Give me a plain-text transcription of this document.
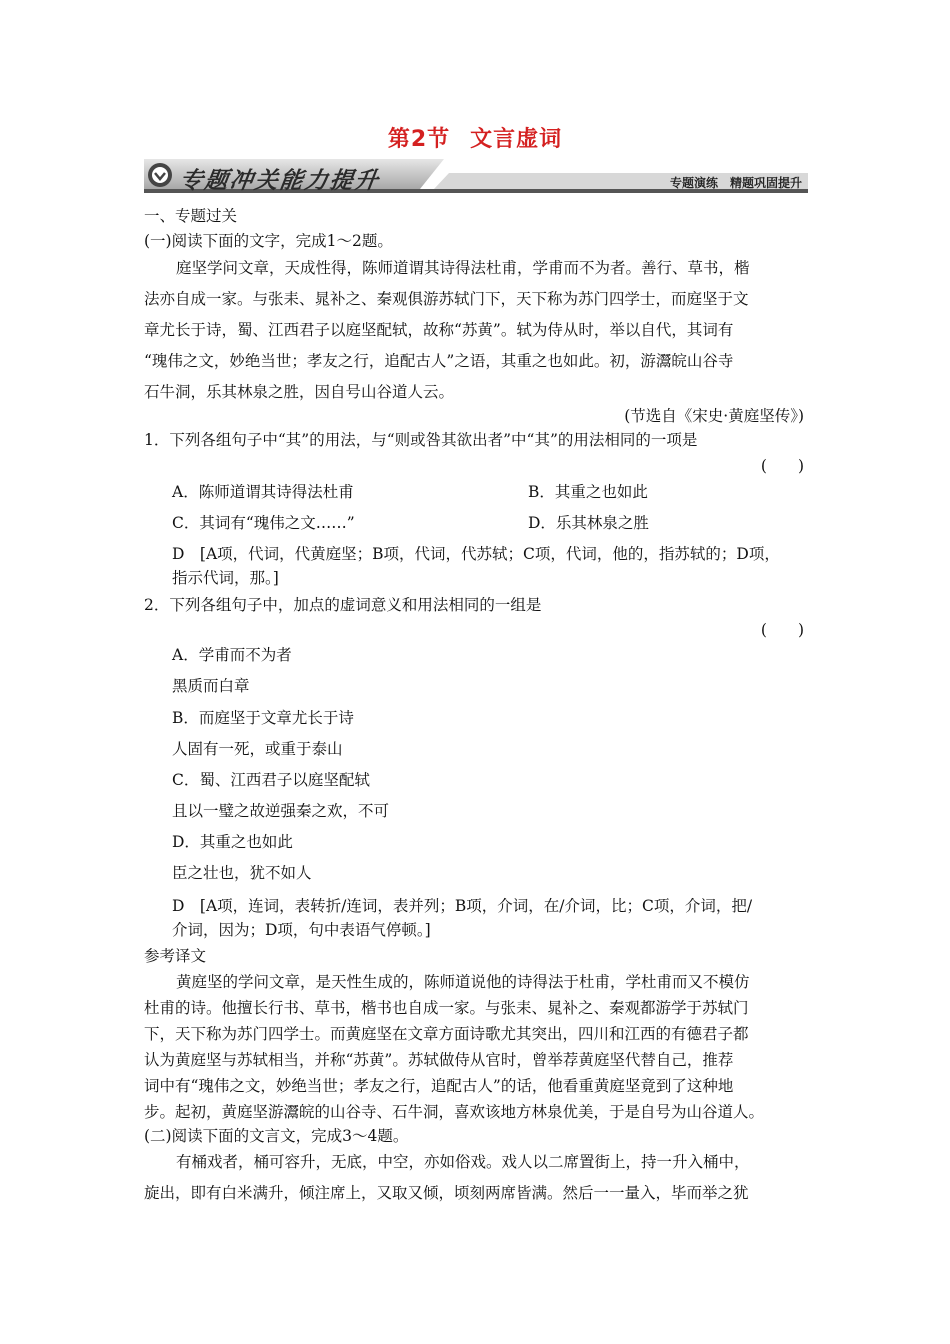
第2节 文言虚词
专题冲关能力提升	专题演练　精题巩固提升
一、专题过关
(一)阅读下面的文字，完成1～2题。
庭坚学问文章，天成性得，陈师道谓其诗得法杜甫，学甫而不为者。善行、草书，楷
法亦自成一家。与张耒、晁补之、秦观俱游苏轼门下，天下称为苏门四学士，而庭坚于文
章尤长于诗，蜀、江西君子以庭坚配轼，故称“苏黄”。轼为侍从时，举以自代，其词有
“瑰伟之文，妙绝当世；孝友之行，追配古人”之语，其重之也如此。初，游灊皖山谷寺
石牛洞，乐其林泉之胜，因自号山谷道人云。
(节选自《宋史·黄庭坚传》)
1．下列各组句子中“其”的用法，与“则或咎其欲出者”中“其”的用法相同的一项是
(　　)
A．陈师道谓其诗得法杜甫	B．其重之也如此
C．其词有“瑰伟之文……”	D．乐其林泉之胜
D　[A项，代词，代黄庭坚；B项，代词，代苏轼；C项，代词，他的，指苏轼的；D项，
指示代词，那。]
2．下列各组句子中，加点的虚词意义和用法相同的一组是
(　　)
A．学甫而不为者
黑质而白章
B．而庭坚于文章尤长于诗
人固有一死，或重于泰山
C．蜀、江西君子以庭坚配轼
且以一璧之故逆强秦之欢，不可
D．其重之也如此
臣之壮也，犹不如人
D　[A项，连词，表转折/连词，表并列；B项，介词，在/介词，比；C项，介词，把/
介词，因为；D项，句中表语气停顿。]
参考译文
黄庭坚的学问文章，是天性生成的，陈师道说他的诗得法于杜甫，学杜甫而又不模仿
杜甫的诗。他擅长行书、草书，楷书也自成一家。与张耒、晁补之、秦观都游学于苏轼门
下，天下称为苏门四学士。而黄庭坚在文章方面诗歌尤其突出，四川和江西的有德君子都
认为黄庭坚与苏轼相当，并称“苏黄”。苏轼做侍从官时，曾举荐黄庭坚代替自己，推荐
词中有“瑰伟之文，妙绝当世；孝友之行，追配古人”的话，他看重黄庭坚竟到了这种地
步。起初，黄庭坚游灊皖的山谷寺、石牛洞，喜欢该地方林泉优美，于是自号为山谷道人。
(二)阅读下面的文言文，完成3～4题。
有桶戏者，桶可容升，无底，中空，亦如俗戏。戏人以二席置街上，持一升入桶中，
旋出，即有白米满升，倾注席上，又取又倾，顷刻两席皆满。然后一一量入，毕而举之犹
